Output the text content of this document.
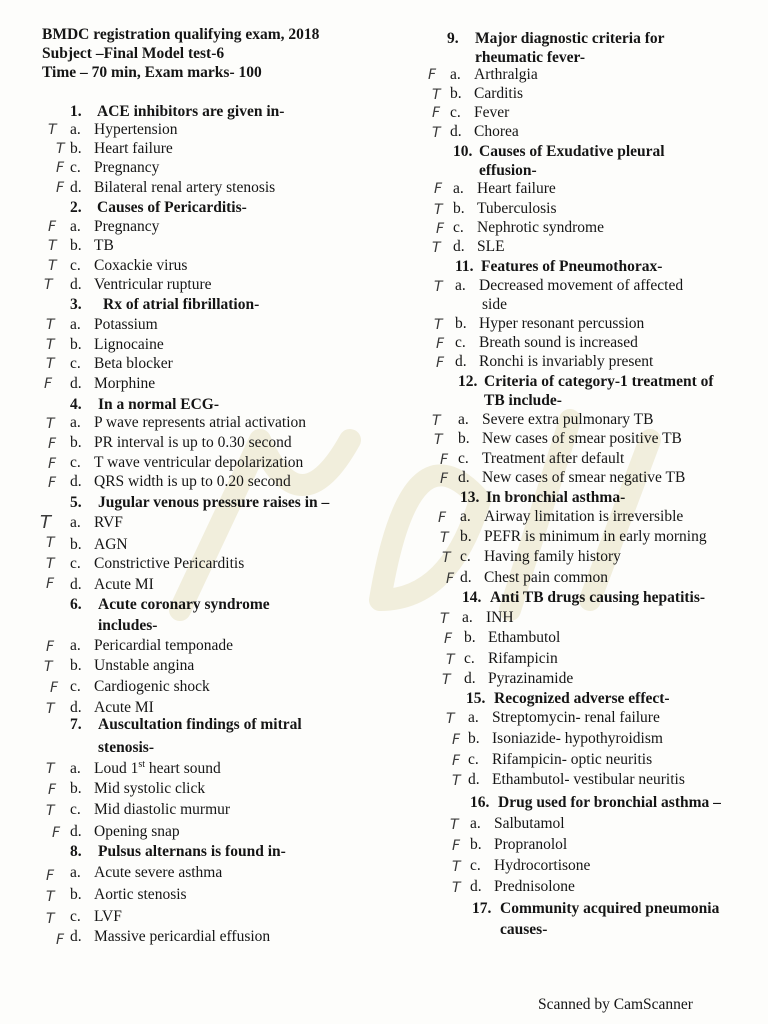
BMDC registration qualifying exam, 2018
Subject –Final Model test-6
Time – 70 min, Exam marks- 100
1. ACE inhibitors are given in-
T a. Hypertension
T b. Heart failure
F c. Pregnancy
F d. Bilateral renal artery stenosis
2. Causes of Pericarditis-
F a. Pregnancy
T b. TB
T c. Coxackie virus
T d. Ventricular rupture
3. Rx of atrial fibrillation-
T a. Potassium
T b. Lignocaine
T c. Beta blocker
F d. Morphine
4. In a normal ECG-
T a. P wave represents atrial activation
F b. PR interval is up to 0.30 second
F c. T wave ventricular depolarization
F d. QRS width is up to 0.20 second
5. Jugular venous pressure raises in –
T a. RVF
T b. AGN
T c. Constrictive Pericarditis
F d. Acute MI
6. Acute coronary syndrome
includes-
F a. Pericardial temponade
T b. Unstable angina
F c. Cardiogenic shock
T d. Acute MI
7. Auscultation findings of mitral
stenosis-
T a. Loud 1st heart sound
F b. Mid systolic click
T c. Mid diastolic murmur
F d. Opening snap
8. Pulsus alternans is found in-
F a. Acute severe asthma
T b. Aortic stenosis
T c. LVF
F d. Massive pericardial effusion
9. Major diagnostic criteria for
rheumatic fever-
F a. Arthralgia
T b. Carditis
F c. Fever
T d. Chorea
10. Causes of Exudative pleural
effusion-
F a. Heart failure
T b. Tuberculosis
F c. Nephrotic syndrome
T d. SLE
11. Features of Pneumothorax-
T a. Decreased movement of affected
side
T b. Hyper resonant percussion
F c. Breath sound is increased
F d. Ronchi is invariably present
12. Criteria of category-1 treatment of
TB include-
T a. Severe extra pulmonary TB
T b. New cases of smear positive TB
F c. Treatment after default
F d. New cases of smear negative TB
13. In bronchial asthma-
F a. Airway limitation is irreversible
T b. PEFR is minimum in early morning
T c. Having family history
F d. Chest pain common
14. Anti TB drugs causing hepatitis-
T a. INH
F b. Ethambutol
T c. Rifampicin
T d. Pyrazinamide
15. Recognized adverse effect-
T a. Streptomycin- renal failure
F b. Isoniazide- hypothyroidism
F c. Rifampicin- optic neuritis
T d. Ethambutol- vestibular neuritis
16. Drug used for bronchial asthma –
T a. Salbutamol
F b. Propranolol
T c. Hydrocortisone
T d. Prednisolone
17. Community acquired pneumonia
causes-
Scanned by CamScanner
